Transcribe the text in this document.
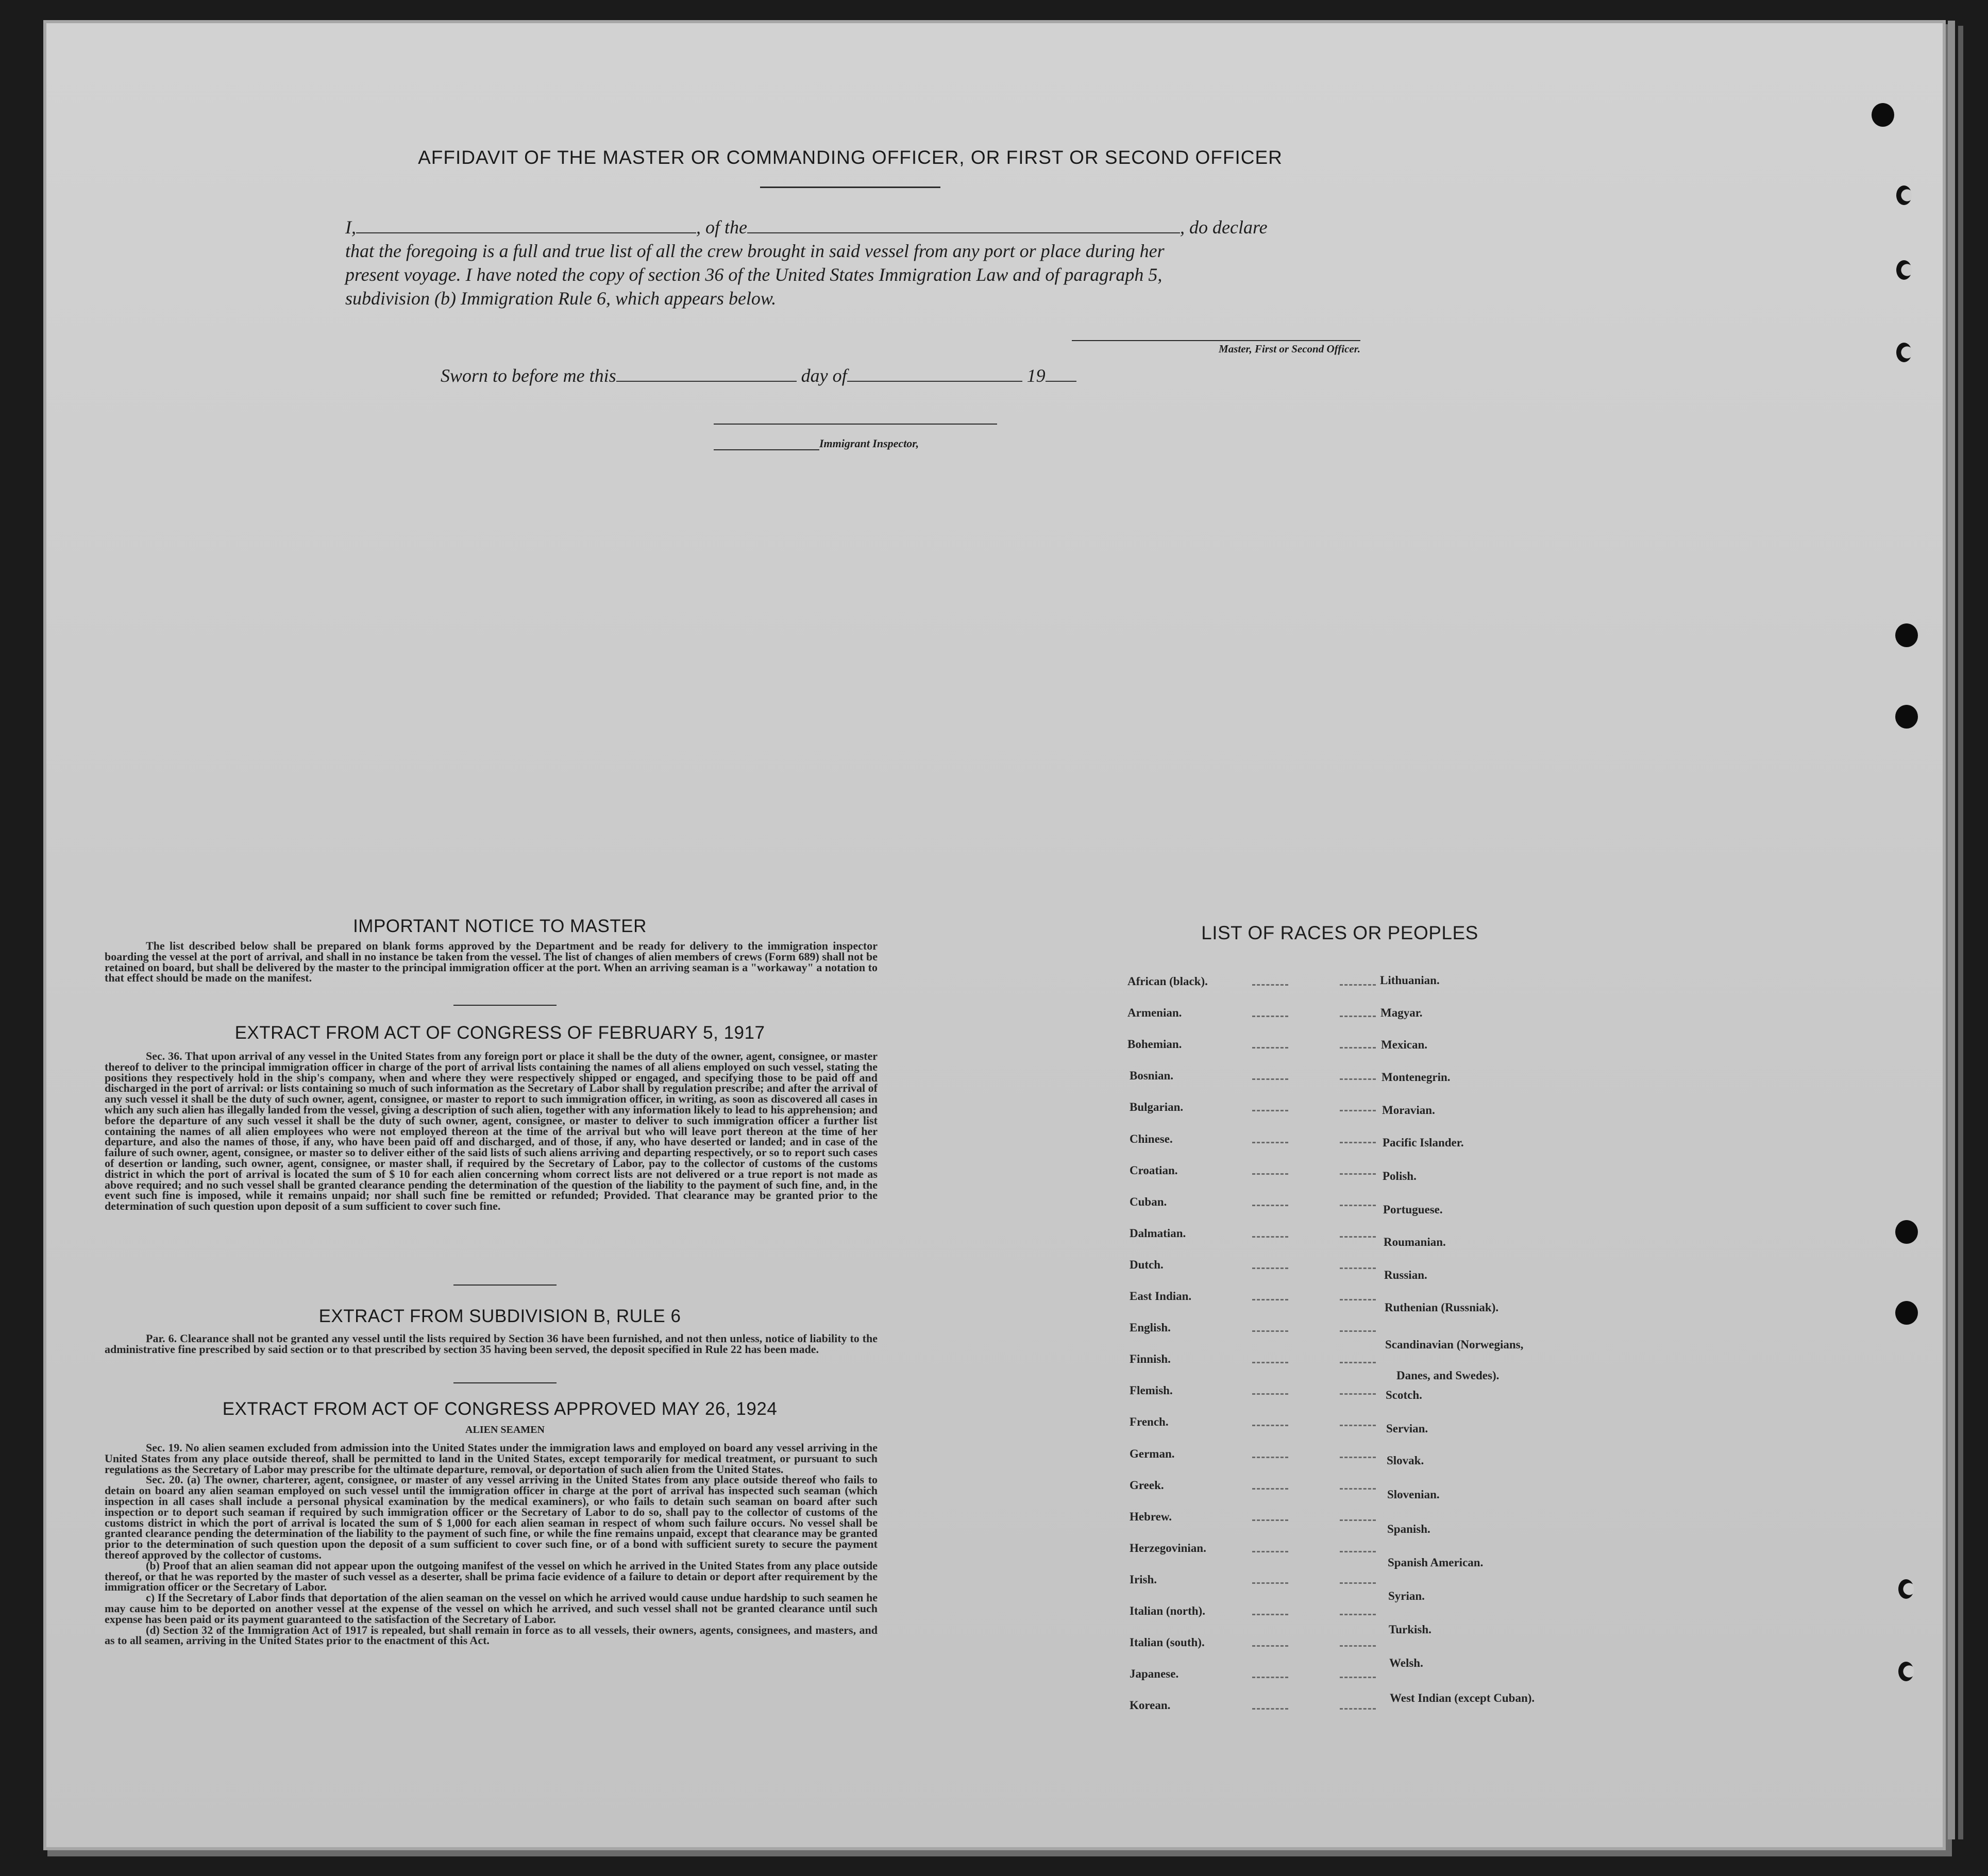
AFFIDAVIT OF THE MASTER OR COMMANDING OFFICER, OR FIRST OR SECOND OFFICER
I,	, of the	, do declare
that the foregoing is a full and true list of all the crew brought in said vessel from any port or place during her
present voyage. I have noted the copy of section 36 of the United States Immigration Law and of paragraph 5,
subdivision (b) Immigration Rule 6, which appears below.
Master, First or Second Officer.
Sworn to before me this	day of	19
Immigrant Inspector,
IMPORTANT NOTICE TO MASTER

The list described below shall be prepared on blank forms approved by the Department and be ready for delivery to the immigration inspector boarding the vessel at the port of arrival, and shall in no instance be taken from the vessel. The list of changes of alien members of crews (Form 689) shall not be retained on board, but shall be delivered by the master to the principal immigration officer at the port. When an arriving seaman is a "workaway" a notation to that effect should be made on the manifest.

EXTRACT FROM ACT OF CONGRESS OF FEBRUARY 5, 1917

Sec. 36. That upon arrival of any vessel in the United States from any foreign port or place it shall be the duty of the owner, agent, consignee, or master thereof to deliver to the principal immigration officer in charge of the port of arrival lists containing the names of all aliens employed on such vessel, stating the positions they respectively hold in the ship's company, when and where they were respectively shipped or engaged, and specifying those to be paid off and discharged in the port of arrival: or lists containing so much of such information as the Secretary of Labor shall by regulation prescribe; and after the arrival of any such vessel it shall be the duty of such owner, agent, consignee, or master to report to such immigration officer, in writing, as soon as discovered all cases in which any such alien has illegally landed from the vessel, giving a description of such alien, together with any information likely to lead to his apprehension; and before the departure of any such vessel it shall be the duty of such owner, agent, consignee, or master to deliver to such immigration officer a further list containing the names of all alien employees who were not employed thereon at the time of the arrival but who will leave port thereon at the time of her departure, and also the names of those, if any, who have been paid off and discharged, and of those, if any, who have deserted or landed; and in case of the failure of such owner, agent, consignee, or master so to deliver either of the said lists of such aliens arriving and departing respectively, or so to report such cases of desertion or landing, such owner, agent, consignee, or master shall, if required by the Secretary of Labor, pay to the collector of customs of the customs district in which the port of arrival is located the sum of $ 10 for each alien concerning whom correct lists are not delivered or a true report is not made as above required; and no such vessel shall be granted clearance pending the determination of the question of the liability to the payment of such fine, and, in the event such fine is imposed, while it remains unpaid; nor shall such fine be remitted or refunded; Provided. That clearance may be granted prior to the determination of such question upon deposit of a sum sufficient to cover such fine.

EXTRACT FROM SUBDIVISION B, RULE 6

Par. 6. Clearance shall not be granted any vessel until the lists required by Section 36 have been furnished, and not then unless, notice of liability to the administrative fine prescribed by said section or to that prescribed by section 35 having been served, the deposit specified in Rule 22 has been made.

EXTRACT FROM ACT OF CONGRESS APPROVED MAY 26, 1924
ALIEN SEAMEN

Sec. 19. No alien seamen excluded from admission into the United States under the immigration laws and employed on board any vessel arriving in the United States from any place outside thereof, shall be permitted to land in the United States, except temporarily for medical treatment, or pursuant to such regulations as the Secretary of Labor may prescribe for the ultimate departure, removal, or deportation of such alien from the United States.

Sec. 20. (a) The owner, charterer, agent, consignee, or master of any vessel arriving in the United States from any place outside thereof who fails to detain on board any alien seaman employed on such vessel until the immigration officer in charge at the port of arrival has inspected such seaman (which inspection in all cases shall include a personal physical examination by the medical examiners), or who fails to detain such seaman on board after such inspection or to deport such seaman if required by such immigration officer or the Secretary of Labor to do so, shall pay to the collector of customs of the customs district in which the port of arrival is located the sum of $ 1,000 for each alien seaman in respect of whom such failure occurs. No vessel shall be granted clearance pending the determination of the liability to the payment of such fine, or while the fine remains unpaid, except that clearance may be granted prior to the determination of such question upon the deposit of a sum sufficient to cover such fine, or of a bond with sufficient surety to secure the payment thereof approved by the collector of customs.

(b) Proof that an alien seaman did not appear upon the outgoing manifest of the vessel on which he arrived in the United States from any place outside thereof, or that he was reported by the master of such vessel as a deserter, shall be prima facie evidence of a failure to detain or deport after requirement by the immigration officer or the Secretary of Labor.

c) If the Secretary of Labor finds that deportation of the alien seaman on the vessel on which he arrived would cause undue hardship to such seamen he may cause him to be deported on another vessel at the expense of the vessel on which he arrived, and such vessel shall not be granted clearance until such expense has been paid or its payment guaranteed to the satisfaction of the Secretary of Labor.

(d) Section 32 of the Immigration Act of 1917 is repealed, but shall remain in force as to all vessels, their owners, agents, consignees, and masters, and as to all seamen, arriving in the United States prior to the enactment of this Act.

LIST OF RACES OR PEOPLES
African (black).
Armenian.
Bohemian.
Bosnian.
Bulgarian.
Chinese.
Croatian.
Cuban.
Dalmatian.
Dutch.
East Indian.
English.
Finnish.
Flemish.
French.
German.
Greek.
Hebrew.
Herzegovinian.
Irish.
Italian (north).
Italian (south).
Japanese.
Korean.
Lithuanian.
Magyar.
Mexican.
Montenegrin.
Moravian.
Pacific Islander.
Polish.
Portuguese.
Roumanian.
Russian.
Ruthenian (Russniak).
Scandinavian (Norwegians,
Scotch.
Servian.
Slovak.
Slovenian.
Spanish.
Spanish American.
Syrian.
Turkish.
Welsh.
West Indian (except Cuban).
Danes, and Swedes).
